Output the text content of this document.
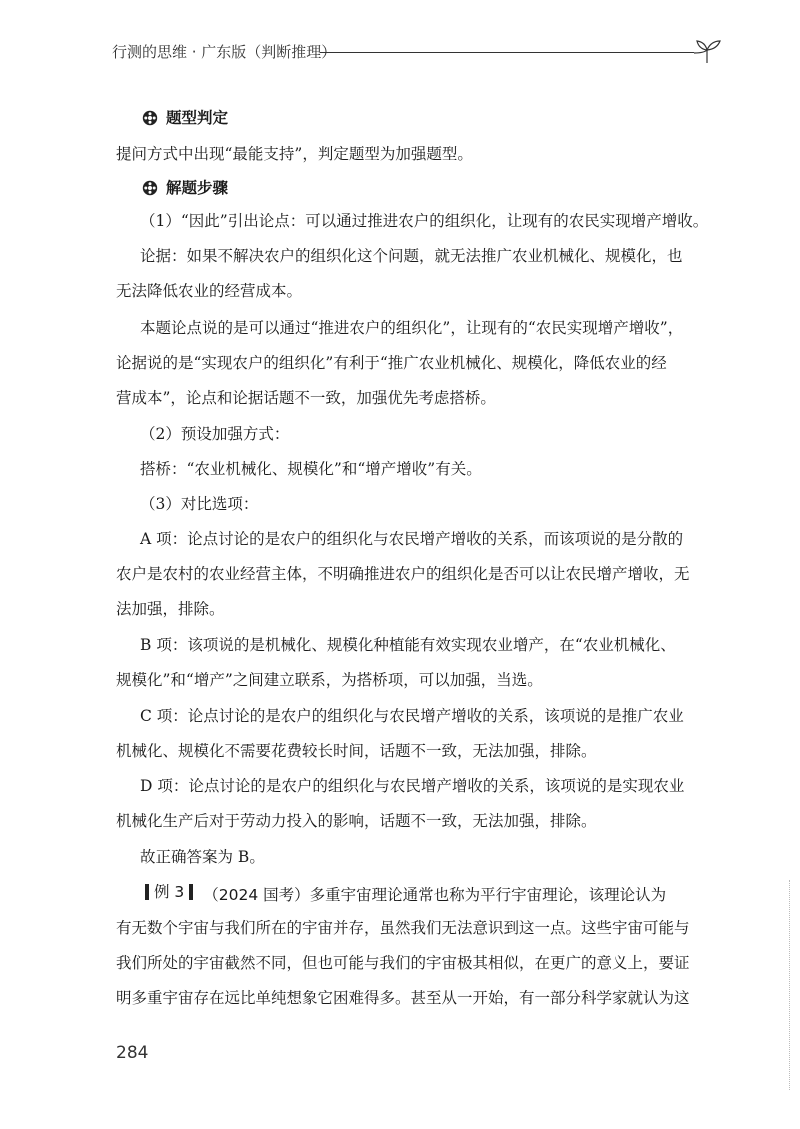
行测的思维 · 广东版（判断推理）
题型判定
提问方式中出现“最能支持”，判定题型为加强题型。
解题步骤
（1）“因此”引出论点：可以通过推进农户的组织化，让现有的农民实现增产增收。
论据：如果不解决农户的组织化这个问题，就无法推广农业机械化、规模化，也
无法降低农业的经营成本。
本题论点说的是可以通过“推进农户的组织化”，让现有的“农民实现增产增收”，
论据说的是“实现农户的组织化”有利于“推广农业机械化、规模化，降低农业的经
营成本”，论点和论据话题不一致，加强优先考虑搭桥。
（2）预设加强方式：
搭桥：“农业机械化、规模化”和“增产增收”有关。
（3）对比选项：
A 项：论点讨论的是农户的组织化与农民增产增收的关系，而该项说的是分散的
农户是农村的农业经营主体，不明确推进农户的组织化是否可以让农民增产增收，无
法加强，排除。
B 项：该项说的是机械化、规模化种植能有效实现农业增产，在“农业机械化、
规模化”和“增产”之间建立联系，为搭桥项，可以加强，当选。
C 项：论点讨论的是农户的组织化与农民增产增收的关系，该项说的是推广农业
机械化、规模化不需要花费较长时间，话题不一致，无法加强，排除。
D 项：论点讨论的是农户的组织化与农民增产增收的关系，该项说的是实现农业
机械化生产后对于劳动力投入的影响，话题不一致，无法加强，排除。
故正确答案为 B。
例 3 （2024 国考）多重宇宙理论通常也称为平行宇宙理论，该理论认为
有无数个宇宙与我们所在的宇宙并存，虽然我们无法意识到这一点。这些宇宙可能与
我们所处的宇宙截然不同，但也可能与我们的宇宙极其相似，在更广的意义上，要证
明多重宇宙存在远比单纯想象它困难得多。甚至从一开始，有一部分科学家就认为这
284
